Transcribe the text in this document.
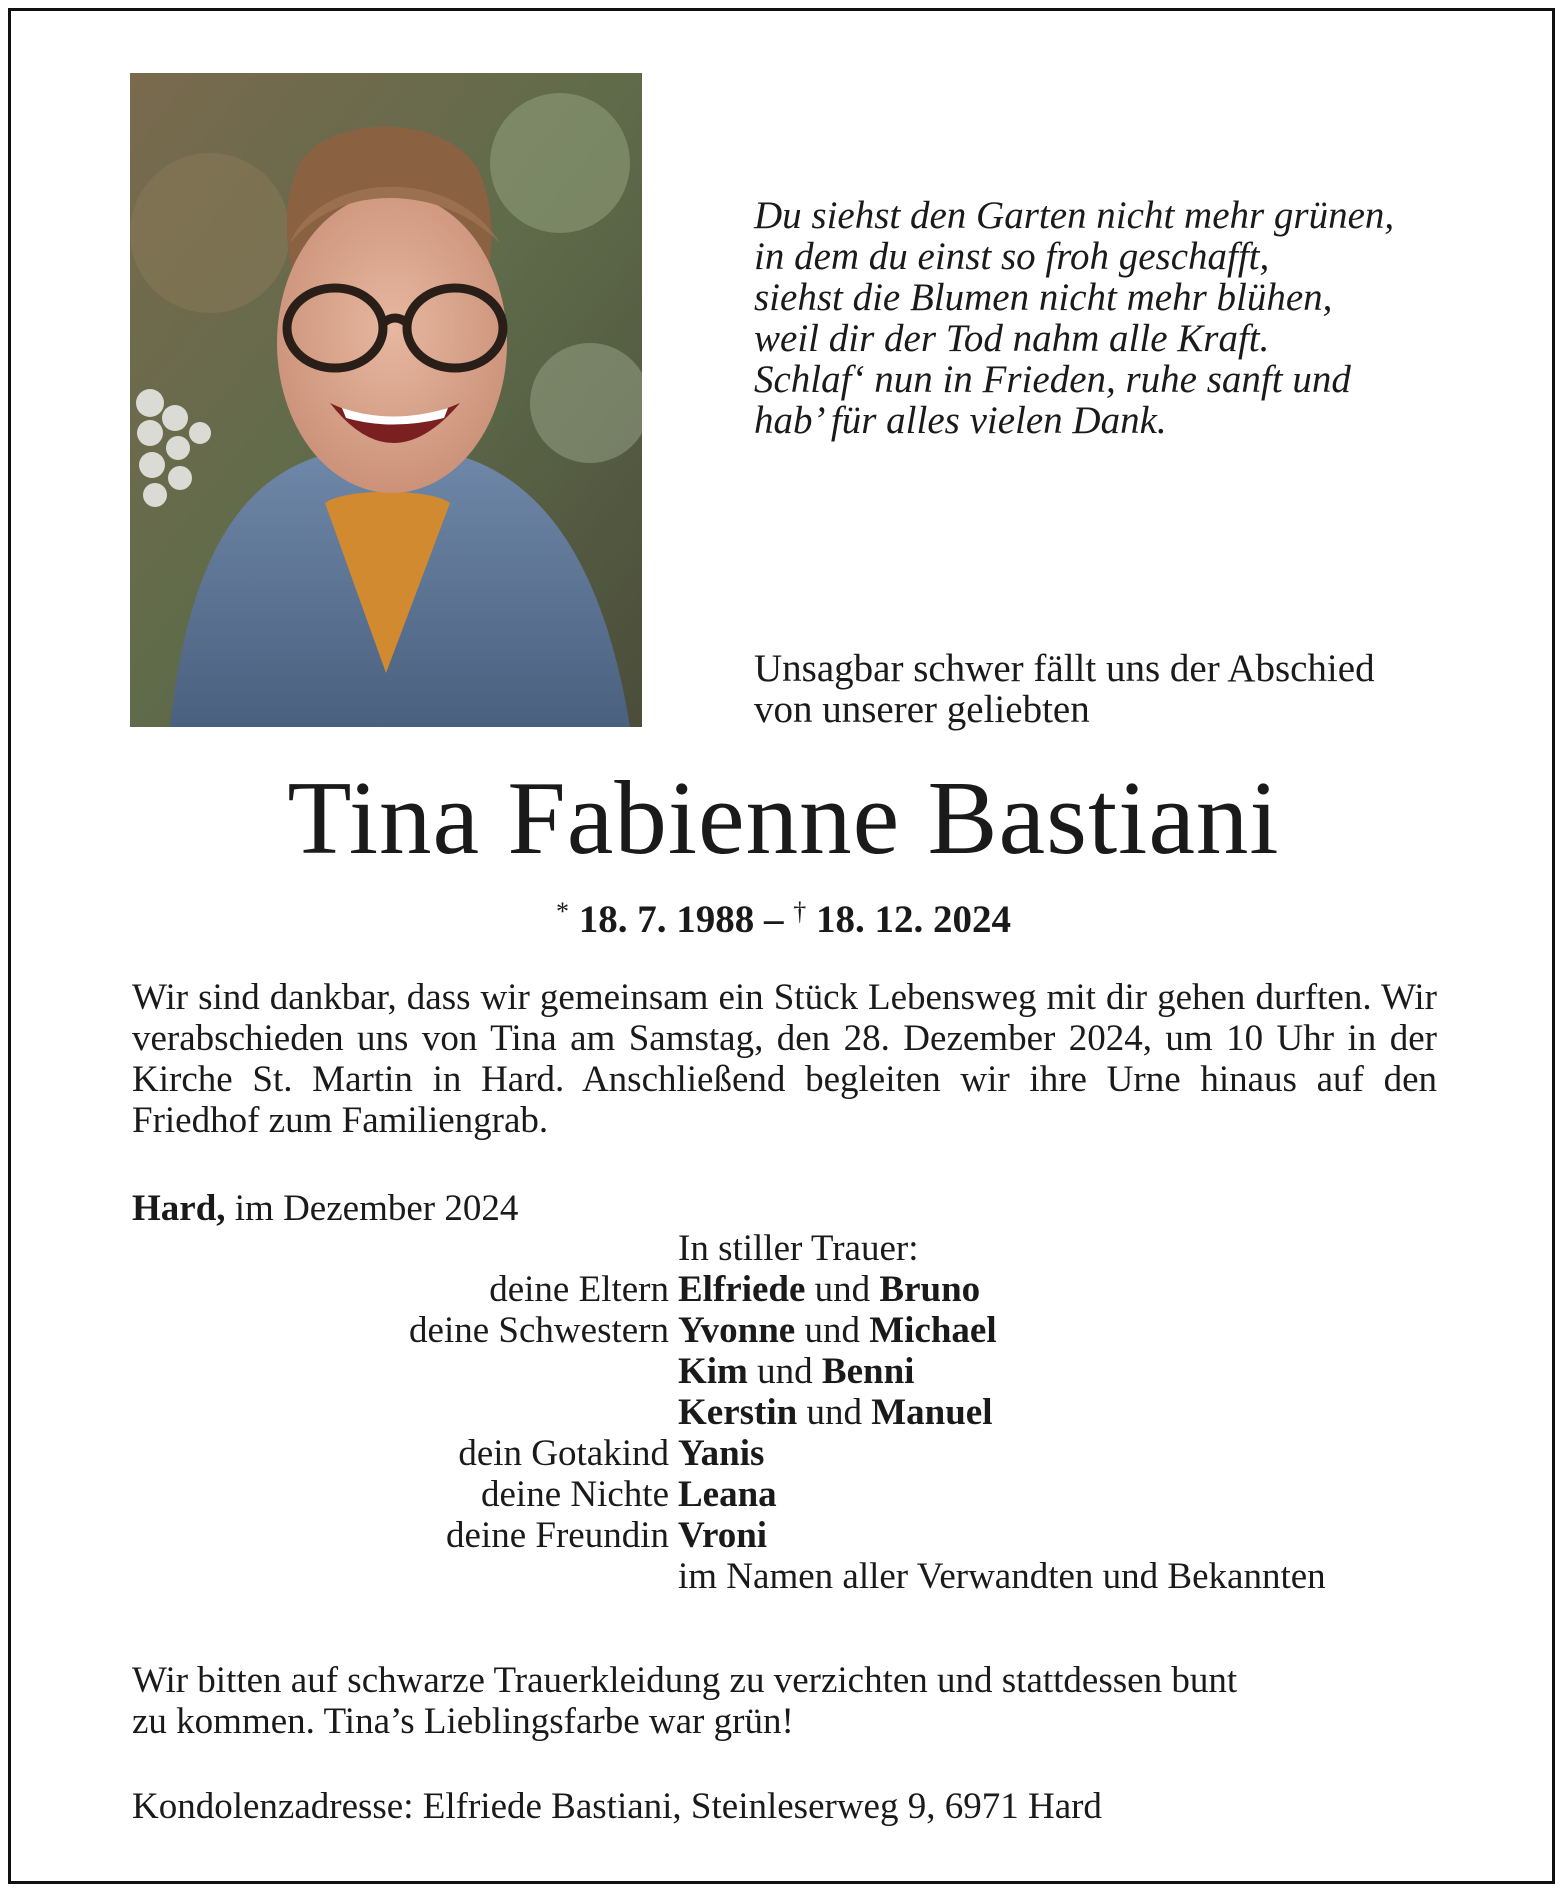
Du siehst den Garten nicht mehr grünen,
in dem du einst so froh geschafft,
siehst die Blumen nicht mehr blühen,
weil dir der Tod nahm alle Kraft.
Schlaf‘ nun in Frieden, ruhe sanft und
hab’ für alles vielen Dank.
Unsagbar schwer fällt uns der Abschied
von unserer geliebten
Tina Fabienne Bastiani
* 18. 7. 1988 – † 18. 12. 2024
Wir sind dankbar, dass wir gemeinsam ein Stück Lebensweg mit dir gehen durften. Wir verabschieden uns von Tina am Samstag, den 28. Dezember 2024, um 10 Uhr in der Kirche St. Martin in Hard. Anschließend begleiten wir ihre Urne hinaus auf den Friedhof zum Familiengrab.
Hard, im Dezember 2024
In stiller Trauer:
deine Eltern Elfriede und Bruno
deine Schwestern Yvonne und Michael
Kim und Benni
Kerstin und Manuel
dein Gotakind Yanis
deine Nichte Leana
deine Freundin Vroni
im Namen aller Verwandten und Bekannten
Wir bitten auf schwarze Trauerkleidung zu verzichten und stattdessen bunt
zu kommen. Tina’s Lieblingsfarbe war grün!
Kondolenzadresse: Elfriede Bastiani, Steinleserweg 9, 6971 Hard
